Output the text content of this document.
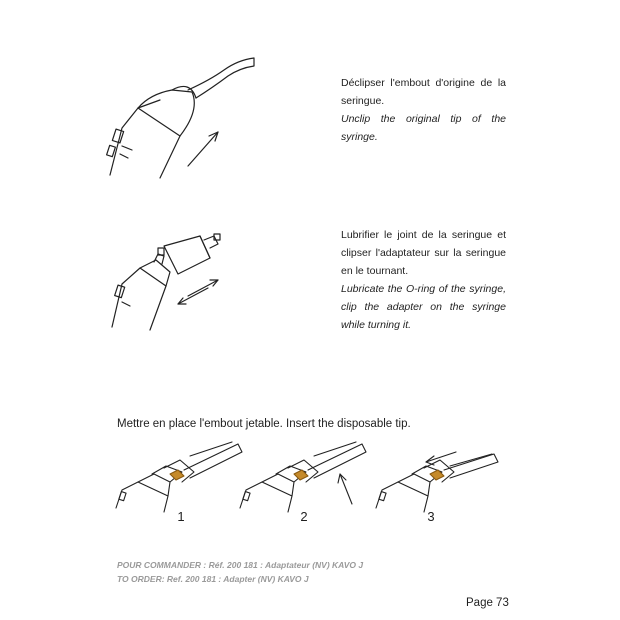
Déclipser l'embout d'origine de la seringue.

Unclip the original tip of the syringe.

Lubrifier le joint de la seringue et clipser l'adaptateur sur la seringue en le tournant.

Lubricate the O-ring of the syringe, clip the adapter on the syringe while turning it.

Mettre en place l'embout jetable. Insert the disposable tip.
1	2	3

POUR COMMANDER : Réf. 200 181 : Adaptateur (NV) KAVO J

TO ORDER: Ref. 200 181 : Adapter (NV) KAVO J

Page 73
